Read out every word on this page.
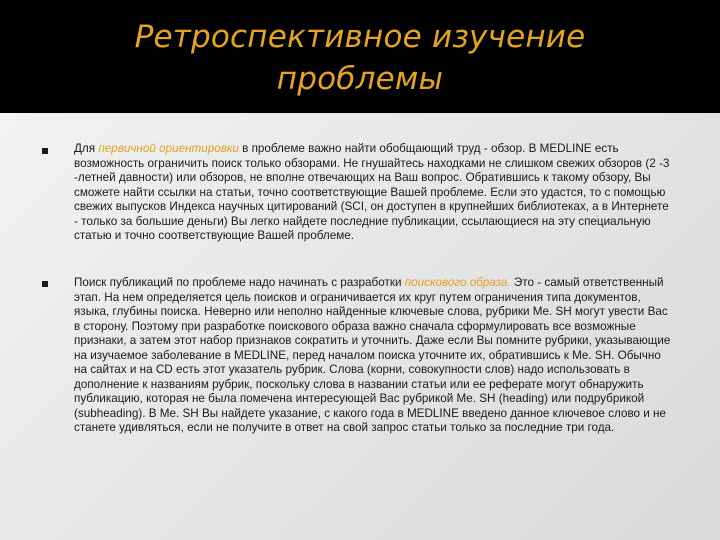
Ретроспективное изучение
проблемы
Для первичной ориентировки в проблеме важно найти обобщающий труд - обзор. В MEDLINE есть возможность ограничить поиск только обзорами. Не гнушайтесь находками не слишком свежих обзоров (2 -3 -летней давности) или обзоров, не вполне отвечающих на Ваш вопрос. Обратившись к такому обзору, Вы сможете найти ссылки на статьи, точно соответствующие Вашей проблеме. Если это удастся, то с помощью свежих выпусков Индекса научных цитирований (SCI, он доступен в крупнейших библиотеках, а в Интернете - только за большие деньги) Вы легко найдете последние публикации, ссылающиеся на эту специальную статью и точно соответствующие Вашей проблеме.
Поиск публикаций по проблеме надо начинать с разработки поискового образа. Это - самый ответственный этап. На нем определяется цель поисков и ограничивается их круг путем ограничения типа документов, языка, глубины поиска. Неверно или неполно найденные ключевые слова, рубрики Me. SH могут увести Вас в сторону. Поэтому при разработке поискового образа важно сначала сформулировать все возможные признаки, а затем этот набор признаков сократить и уточнить. Даже если Вы помните рубрики, указывающие на изучаемое заболевание в MEDLINE, перед началом поиска уточните их, обратившись к Me. SH. Обычно на сайтах и на CD есть этот указатель рубрик. Слова (корни, совокупности слов) надо использовать в дополнение к названиям рубрик, поскольку слова в названии статьи или ее реферате могут обнаружить публикацию, которая не была помечена интересующей Вас рубрикой Me. SH (heading) или подрубрикой (subheading). В Me. SH Вы найдете указание, с какого года в MEDLINE введено данное ключевое слово и не станете удивляться, если не получите в ответ на свой запрос статьи только за последние три года.
